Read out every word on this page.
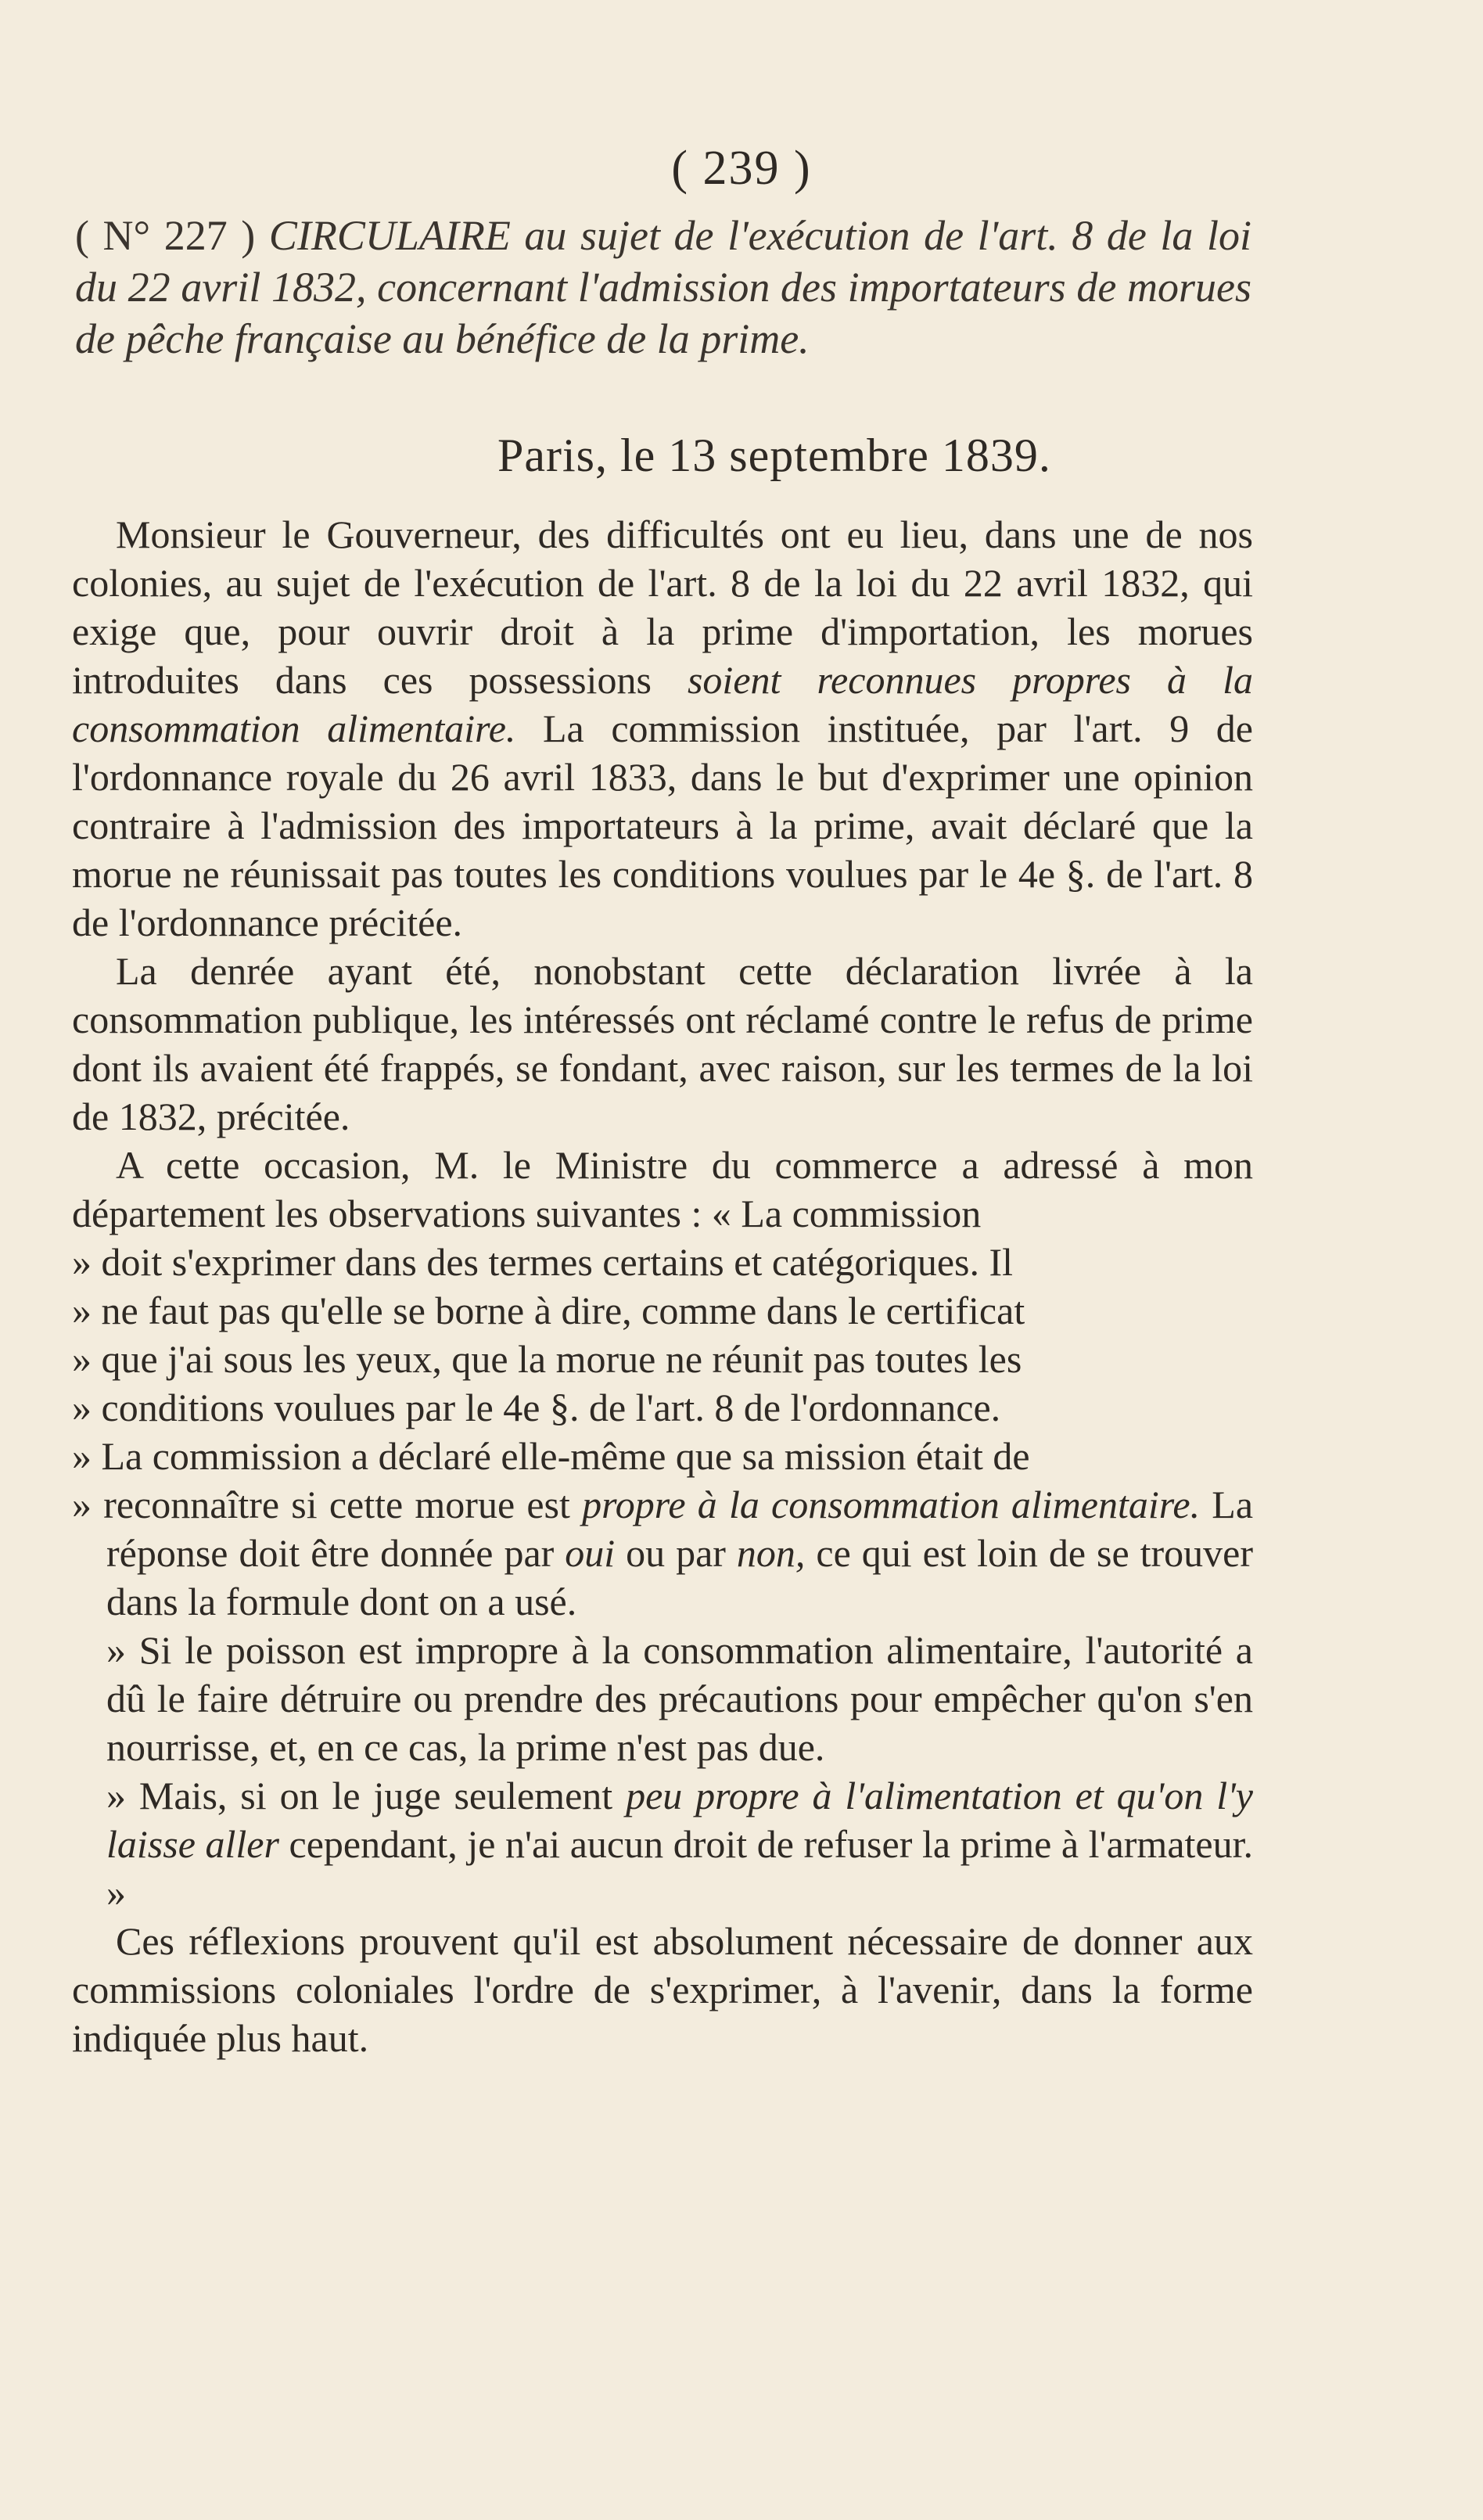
( 239 )
( N° 227 ) CIRCULAIRE au sujet de l'exécution de l'art. 8 de la loi du 22 avril 1832, concernant l'admission des importateurs de morues de pêche française au bénéfice de la prime.
Paris, le 13 septembre 1839.

Monsieur le Gouverneur, des difficultés ont eu lieu, dans une de nos colonies, au sujet de l'exécution de l'art. 8 de la loi du 22 avril 1832, qui exige que, pour ouvrir droit à la prime d'importation, les morues introduites dans ces possessions soient reconnues propres à la consommation alimentaire. La commission instituée, par l'art. 9 de l'ordonnance royale du 26 avril 1833, dans le but d'exprimer une opinion contraire à l'admission des importateurs à la prime, avait déclaré que la morue ne réunissait pas toutes les conditions voulues par le 4e §. de l'art. 8 de l'ordonnance précitée.

La denrée ayant été, nonobstant cette déclaration livrée à la consommation publique, les intéressés ont réclamé contre le refus de prime dont ils avaient été frappés, se fondant, avec raison, sur les termes de la loi de 1832, précitée.

A cette occasion, M. le Ministre du commerce a adressé à mon département les observations suivantes : « La commission

» doit s'exprimer dans des termes certains et catégoriques. Il

» ne faut pas qu'elle se borne à dire, comme dans le certificat

» que j'ai sous les yeux, que la morue ne réunit pas toutes les

» conditions voulues par le 4e §. de l'art. 8 de l'ordonnance.

» La commission a déclaré elle-même que sa mission était de

» reconnaître si cette morue est propre à la consommation alimentaire. La réponse doit être donnée par oui ou par non, ce qui est loin de se trouver dans la formule dont on a usé.

» Si le poisson est impropre à la consommation alimentaire, l'autorité a dû le faire détruire ou prendre des précautions pour empêcher qu'on s'en nourrisse, et, en ce cas, la prime n'est pas due.

» Mais, si on le juge seulement peu propre à l'alimentation et qu'on l'y laisse aller cependant, je n'ai aucun droit de refuser la prime à l'armateur. »

Ces réflexions prouvent qu'il est absolument nécessaire de donner aux commissions coloniales l'ordre de s'exprimer, à l'avenir, dans la forme indiquée plus haut.
